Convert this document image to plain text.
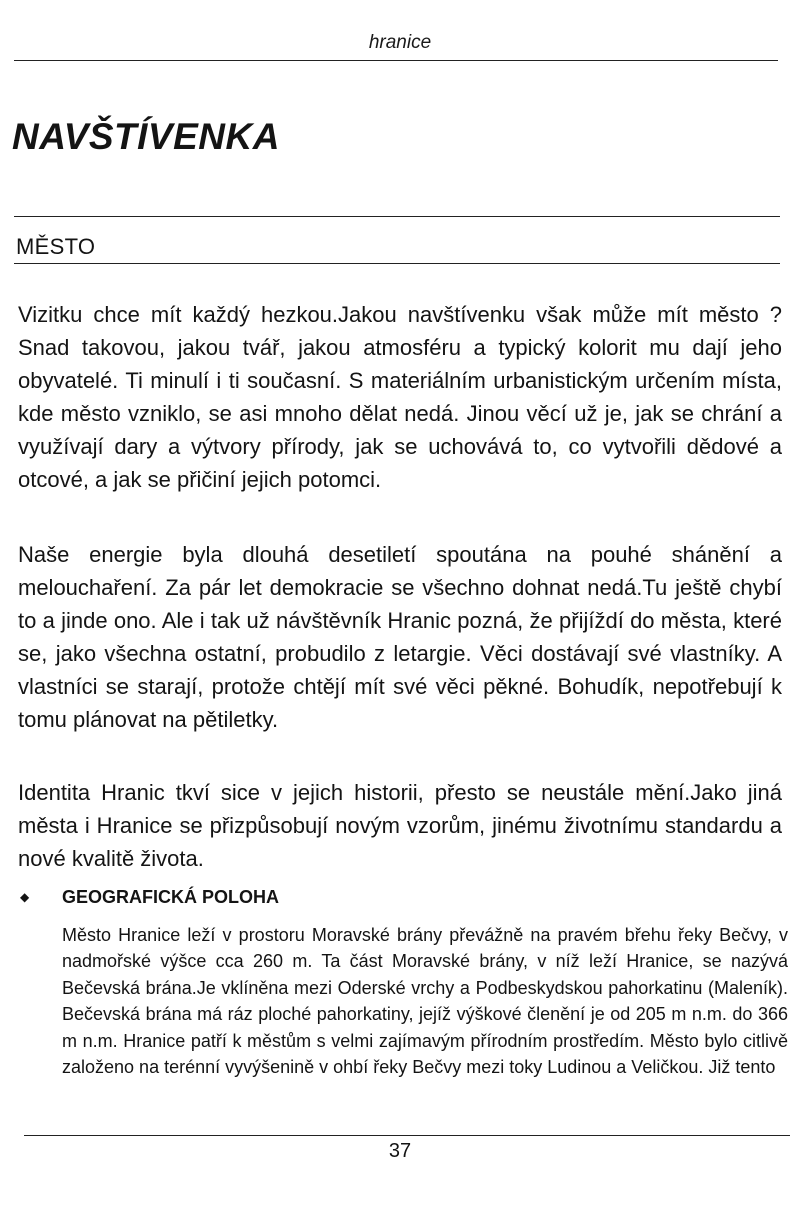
hranice
NAVŠTÍVENKA
MĚSTO

Vizitku chce mít každý hezkou.Jakou navštívenku však může mít město ? Snad takovou, jakou tvář, jakou atmosféru a typický kolorit mu dají jeho obyvatelé. Ti minulí i ti současní. S materiálním urbanistickým určením místa, kde město vzniklo, se asi mnoho dělat nedá. Jinou věcí už je, jak se chrání a využívají dary a výtvory přírody, jak se uchovává to, co vytvořili dědové a otcové, a jak se přičiní jejich potomci.

Naše energie byla dlouhá desetiletí spoutána na pouhé shánění a melouchaření. Za pár let demokracie se všechno dohnat nedá.Tu ještě chybí to a jinde ono. Ale i tak už návštěvník Hranic pozná, že přijíždí do města, které se, jako všechna ostatní, probudilo z letargie. Věci dostávají své vlastníky. A vlastníci se starají, protože chtějí mít své věci pěkné. Bohudík, nepotřebují k tomu plánovat na pětiletky.

Identita Hranic tkví sice v jejich historii, přesto se neustále mění.Jako jiná města i Hranice se přizpůsobují novým vzorům, jinému životnímu standardu a nové kvalitě života.

◆ GEOGRAFICKÁ POLOHA

Město Hranice leží v prostoru Moravské brány převážně na pravém břehu řeky Bečvy, v nadmořské výšce cca 260 m. Ta část Moravské brány, v níž leží Hranice, se nazývá Bečevská brána.Je vklíněna mezi Oderské vrchy a Podbeskydskou pahorkatinu (Maleník). Bečevská brána má ráz ploché pahorkatiny, jejíž výškové členění je od 205 m n.m. do 366 m n.m. Hranice patří k městům s velmi zajímavým přírodním prostředím. Město bylo citlivě založeno na terénní vyvýšenině v ohbí řeky Bečvy mezi toky Ludinou a Veličkou. Již tento

37
